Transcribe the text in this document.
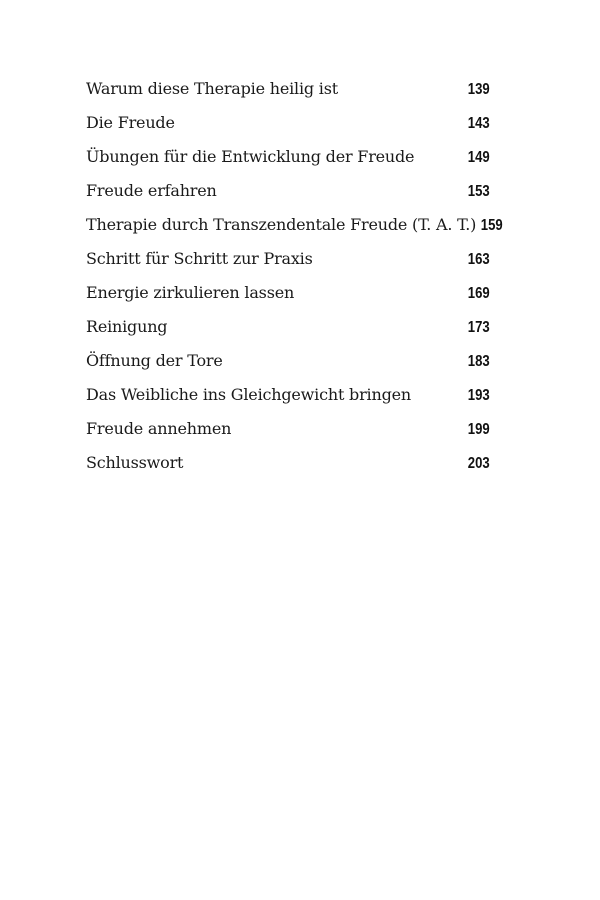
Warum diese Therapie heilig ist	139
Die Freude	143
Übungen für die Entwicklung der Freude	149
Freude erfahren	153
Therapie durch Transzendentale Freude (T. A. T.) 159
Schritt für Schritt zur Praxis	163
Energie zirkulieren lassen	169
Reinigung	173
Öffnung der Tore	183
Das Weibliche ins Gleichgewicht bringen	193
Freude annehmen	199
Schlusswort	203
